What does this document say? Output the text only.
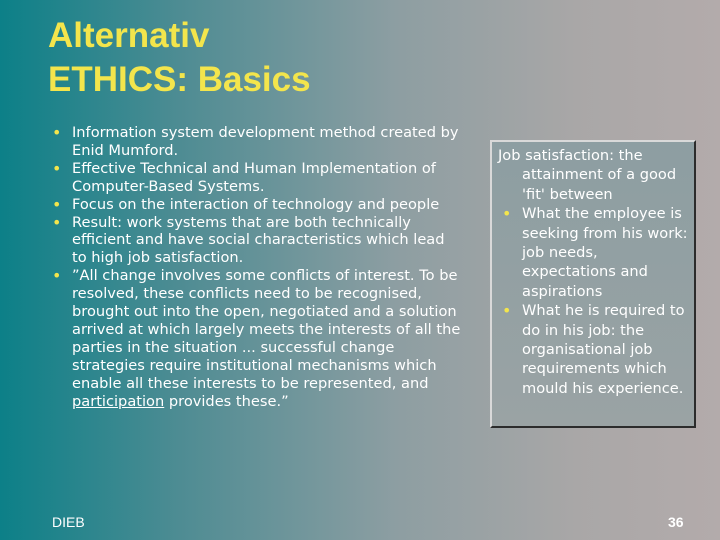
Alternativ
ETHICS: Basics
• Information system development method created by Enid Mumford.
• Effective Technical and Human Implementation of Computer-Based Systems.
• Focus on the interaction of technology and people
• Result: work systems that are both technically efficient and have social characteristics which lead to high job satisfaction.
• ”All change involves some conflicts of interest. To be resolved, these conflicts need to be recognised, brought out into the open, negotiated and a solution arrived at which largely meets the interests of all the parties in the situation ... successful change strategies require institutional mechanisms which enable all these interests to be represented, and participation provides these.”
Job satisfaction: the
attainment of a good 'fit' between
• What the employee is seeking from his work: job needs, expectations and aspirations
• What he is required to do in his job: the organisational job requirements which mould his experience.
DIEB	36
